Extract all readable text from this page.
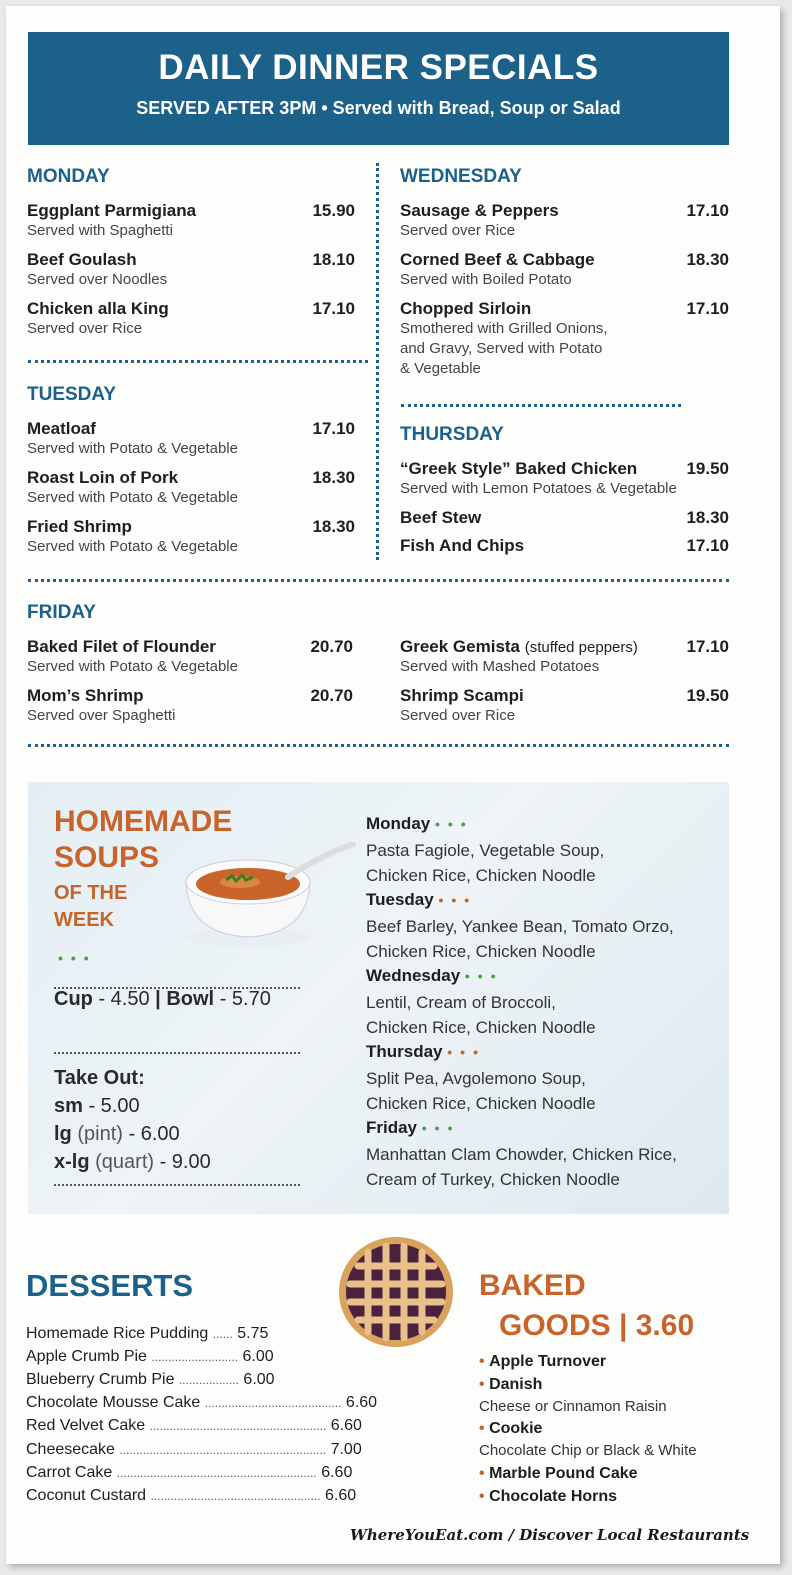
DAILY DINNER SPECIALS
SERVED AFTER 3PM • Served with Bread, Soup or Salad
MONDAY
Eggplant Parmigiana
Served with Spaghetti
15.90
Beef Goulash
Served over Noodles
18.10
Chicken alla King
Served over Rice
17.10
TUESDAY
Meatloaf
Served with Potato & Vegetable
17.10
Roast Loin of Pork
Served with Potato & Vegetable
18.30
Fried Shrimp
Served with Potato & Vegetable
18.30
WEDNESDAY
Sausage & Peppers
Served over Rice
17.10
Corned Beef & Cabbage
Served with Boiled Potato
18.30
Chopped Sirloin
Smothered with Grilled Onions,
and Gravy, Served with Potato
& Vegetable
17.10
THURSDAY
“Greek Style” Baked Chicken
Served with Lemon Potatoes & Vegetable
19.50
Beef Stew	18.30
Fish And Chips	17.10
FRIDAY
Baked Filet of Flounder
Served with Potato & Vegetable
20.70
Mom’s Shrimp
Served over Spaghetti
20.70
Greek Gemista (stuffed peppers)
Served with Mashed Potatoes
17.10
Shrimp Scampi
Served over Rice
19.50
HOMEMADE
SOUPS
OF THE
WEEK
•••
Cup - 4.50 | Bowl - 5.70
Take Out:
sm - 5.00
lg (pint) - 6.00
x-lg (quart) - 9.00
Monday •••
Pasta Fagiole, Vegetable Soup,
Chicken Rice, Chicken Noodle
Tuesday •••
Beef Barley, Yankee Bean, Tomato Orzo,
Chicken Rice, Chicken Noodle
Wednesday •••
Lentil, Cream of Broccoli,
Chicken Rice, Chicken Noodle
Thursday •••
Split Pea, Avgolemono Soup,
Chicken Rice, Chicken Noodle
Friday •••
Manhattan Clam Chowder, Chicken Rice,
Cream of Turkey, Chicken Noodle
DESSERTS
Homemade Rice Pudding ...... 5.75
Apple Crumb Pie .......................... 6.00
Blueberry Crumb Pie .................. 6.00
Chocolate Mousse Cake ......................................... 6.60
Red Velvet Cake ..................................................... 6.60
Cheesecake .............................................................. 7.00
Carrot Cake ............................................................ 6.60
Coconut Custard ................................................... 6.60
BAKED
GOODS | 3.60
• Apple Turnover
• Danish
Cheese or Cinnamon Raisin
• Cookie
Chocolate Chip or Black & White
• Marble Pound Cake
• Chocolate Horns
WhereYouEat.com / Discover Local Restaurants
